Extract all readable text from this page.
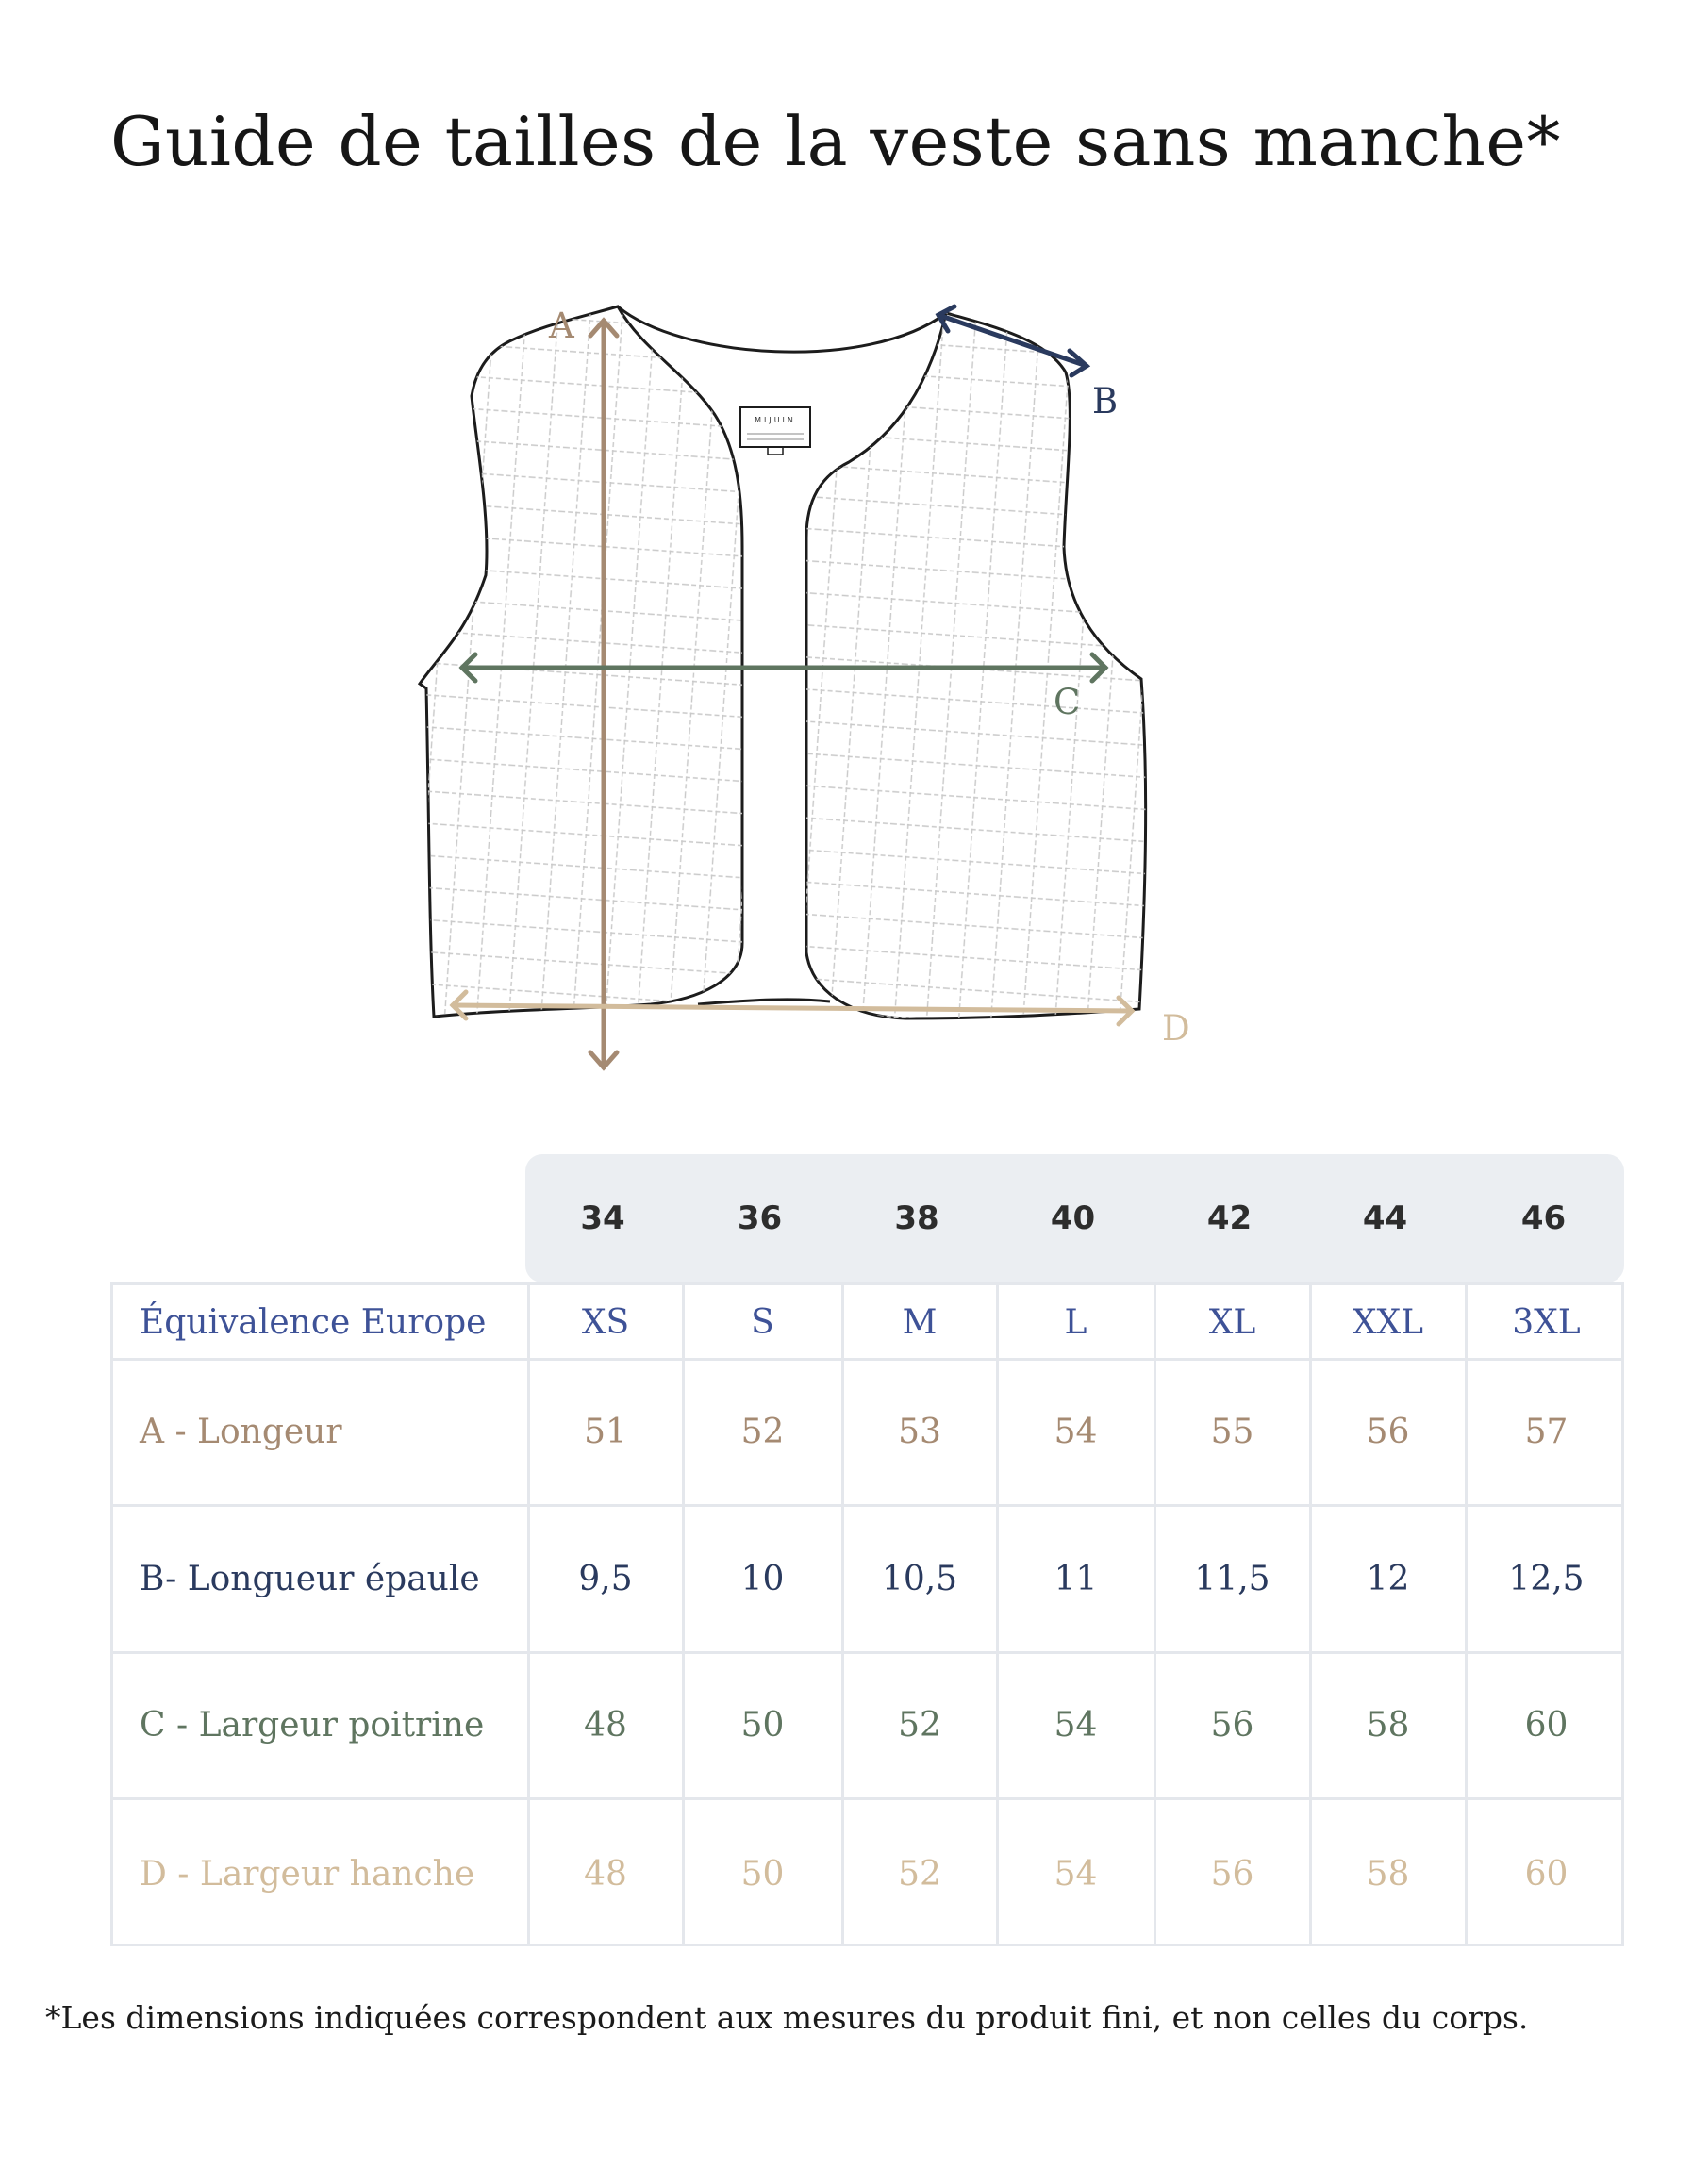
Guide de tailles de la veste sans manche*
MIJUIN
A
B
C
D
34	36	38	40	42	44	46
Équivalence Europe	XS	S	M	L	XL	XXL	3XL
A - Longeur	51	52	53	54	55	56	57
B- Longueur épaule	9,5	10	10,5	11	11,5	12	12,5
C - Largeur poitrine	48	50	52	54	56	58	60
D - Largeur hanche	48	50	52	54	56	58	60

*Les dimensions indiquées correspondent aux mesures du produit fini, et non celles du corps.
